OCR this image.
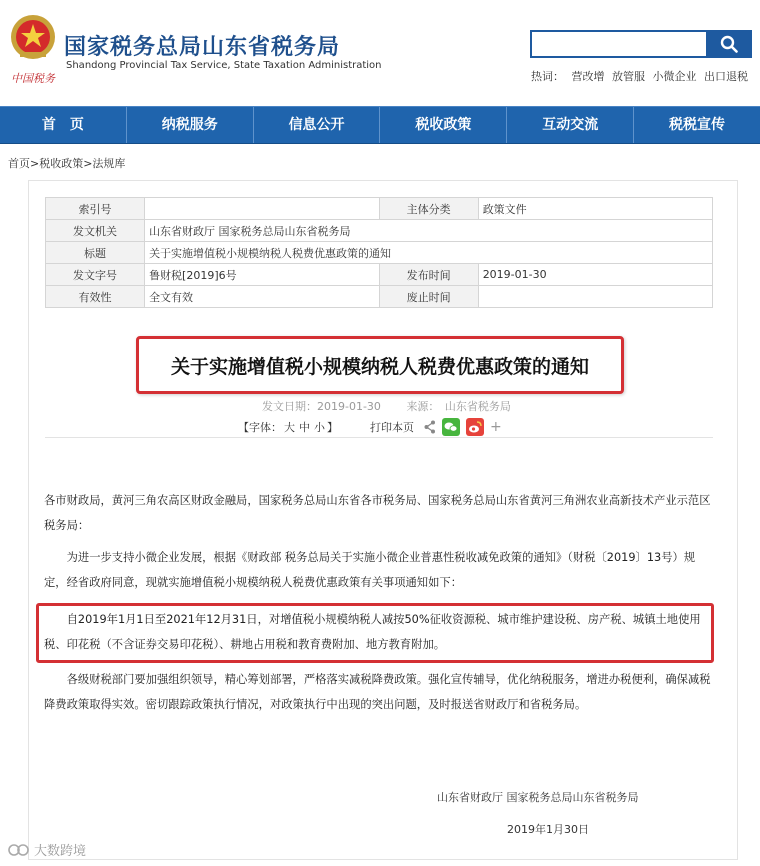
中国税务
国家税务总局山东省税务局
Shandong Provincial Tax Service, State Taxation Administration
热词： 营改增 放管服 小微企业 出口退税
首　页	纳税服务	信息公开	税收政策	互动交流	税税宣传
首页>税收政策>法规库
索引号		主体分类	政策文件
发文机关	山东省财政厅 国家税务总局山东省税务局		
标题	关于实施增值税小规模纳税人税费优惠政策的通知		
发文字号	鲁财税[2019]6号	发布时间	2019-01-30
有效性	全文有效	废止时间	
关于实施增值税小规模纳税人税费优惠政策的通知
发文日期：2019-01-30 来源：　山东省税务局
【字体： 大 中 小 】	打印本页	+
各市财政局，黄河三角农高区财政金融局，国家税务总局山东省各市税务局、国家税务总局山东省黄河三角洲农业高新技术产业示范区税务局：
　　为进一步支持小微企业发展，根据《财政部 税务总局关于实施小微企业普惠性税收减免政策的通知》（财税〔2019〕13号）规定，经省政府同意，现就实施增值税小规模纳税人税费优惠政策有关事项通知如下：
　　自2019年1月1日至2021年12月31日，对增值税小规模纳税人减按50%征收资源税、城市维护建设税、房产税、城镇土地使用税、印花税（不含证券交易印花税）、耕地占用税和教育费附加、地方教育附加。
　　各级财税部门要加强组织领导，精心筹划部署，严格落实减税降费政策。强化宣传辅导，优化纳税服务，增进办税便利，确保减税降费政策取得实效。密切跟踪政策执行情况，对政策执行中出现的突出问题，及时报送省财政厅和省税务局。
山东省财政厅 国家税务总局山东省税务局
2019年1月30日
大数跨境
